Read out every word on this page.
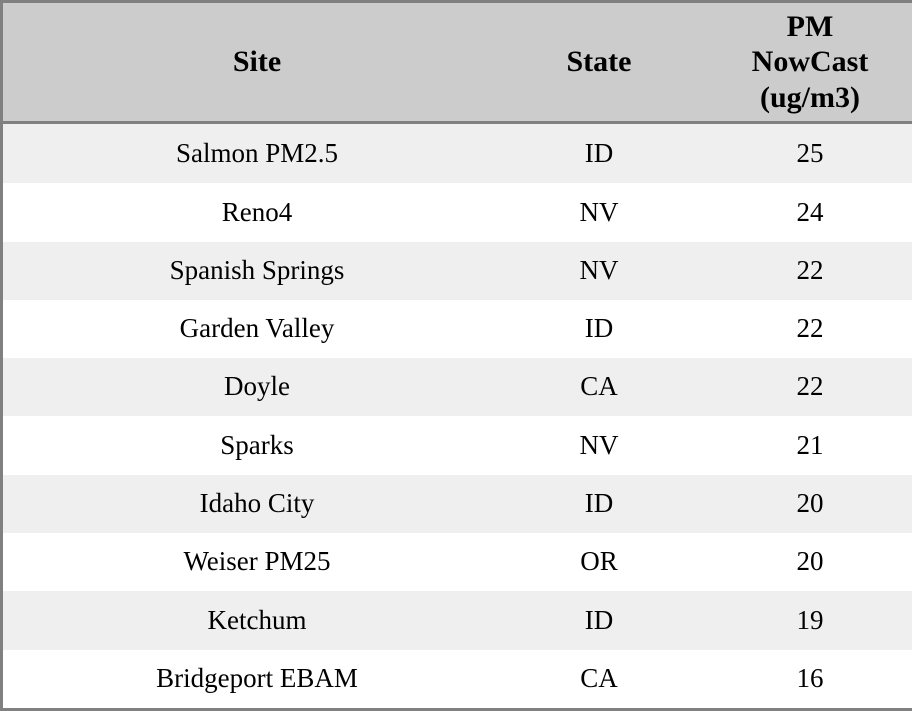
Site	State	PM
NowCast
(ug/m3)

Salmon PM2.5	ID	25
Reno4	NV	24
Spanish Springs	NV	22
Garden Valley	ID	22
Doyle	CA	22
Sparks	NV	21
Idaho City	ID	20
Weiser PM25	OR	20
Ketchum	ID	19
Bridgeport EBAM	CA	16
